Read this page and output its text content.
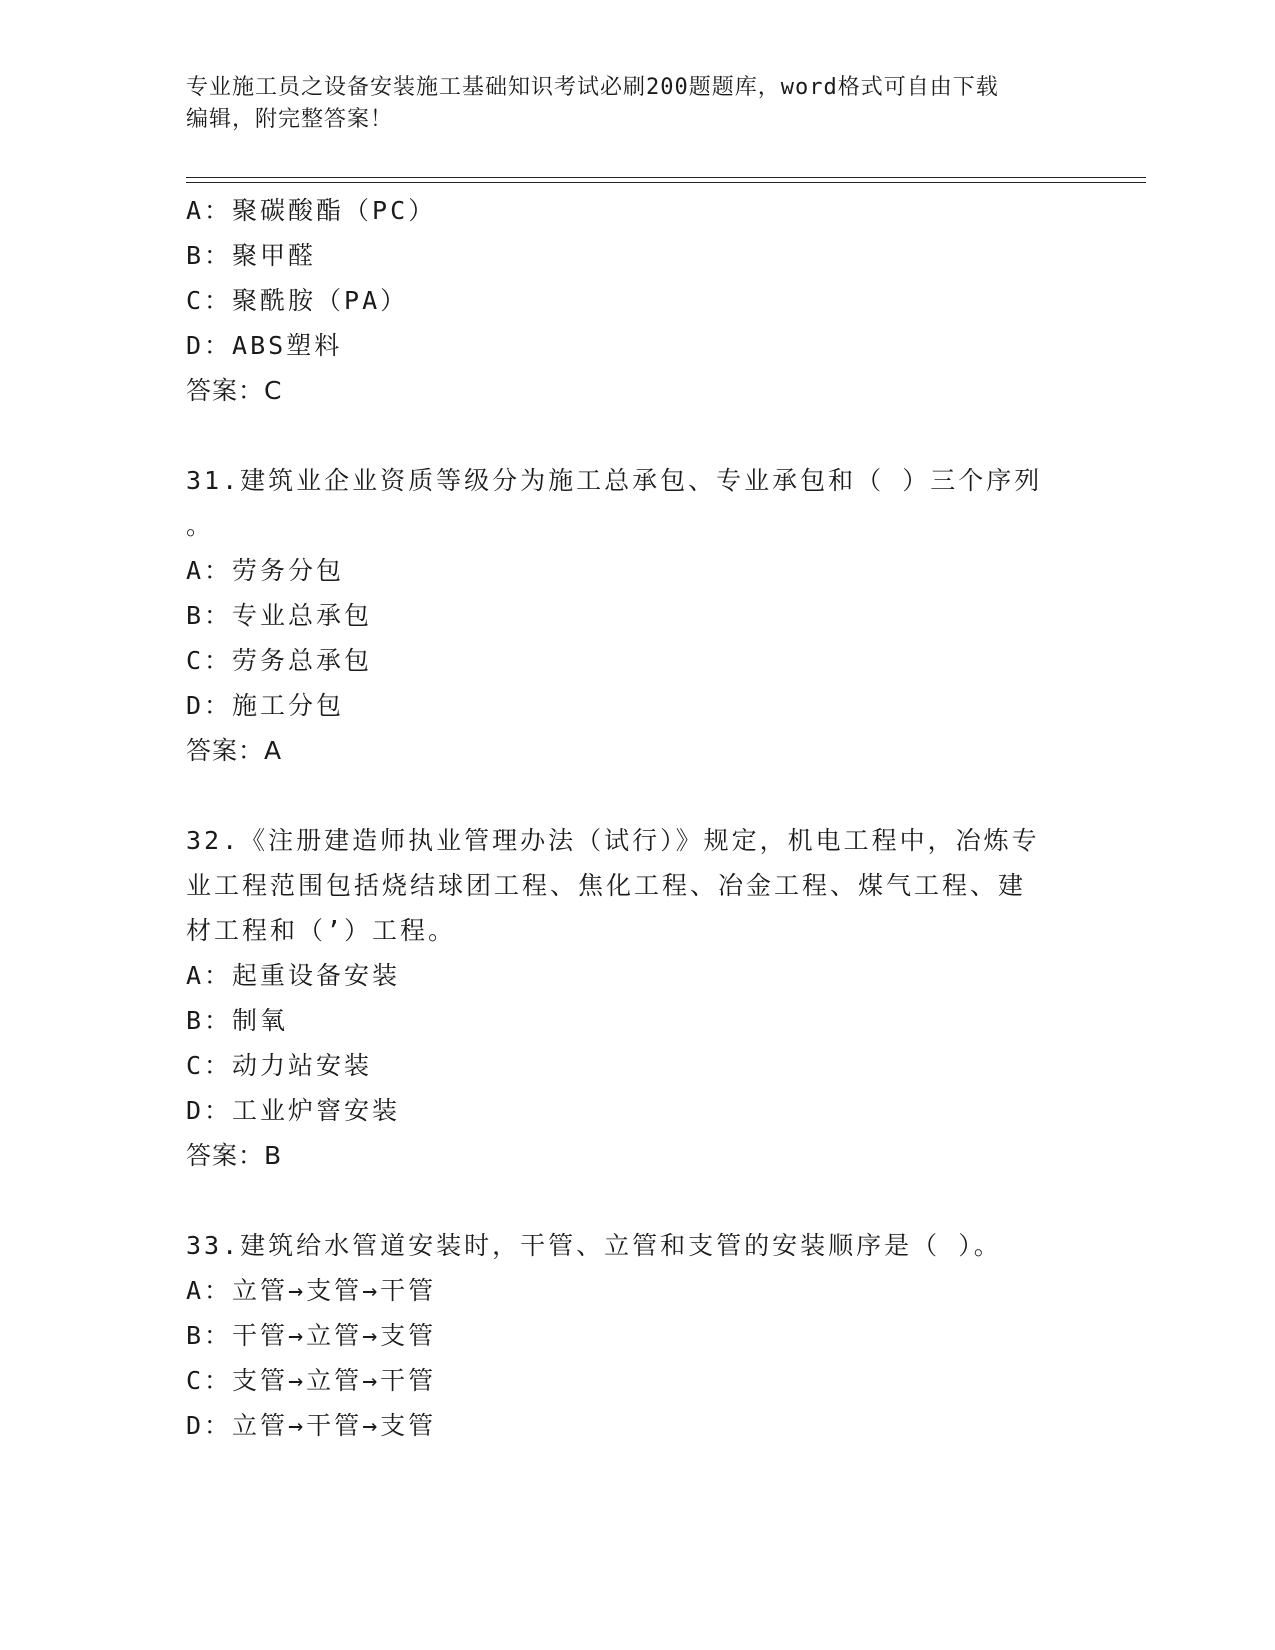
专业施工员之设备安装施工基础知识考试必刷200题题库，word格式可自由下载
编辑，附完整答案！
A：聚碳酸酯（PC）
B：聚甲醛
C：聚酰胺（PA）
D：ABS塑料
答案：C
31.建筑业企业资质等级分为施工总承包、专业承包和（ ）三个序列
。
A：劳务分包
B：专业总承包
C：劳务总承包
D：施工分包
答案：A
32.《注册建造师执业管理办法（试行）》规定，机电工程中，冶炼专
业工程范围包括烧结球团工程、焦化工程、冶金工程、煤气工程、建
材工程和（’）工程。
A：起重设备安装
B：制氧
C：动力站安装
D：工业炉窨安装
答案：B
33.建筑给水管道安装时，干管、立管和支管的安装顺序是（ ）。
A：立管→支管→干管
B：干管→立管→支管
C：支管→立管→干管
D：立管→干管→支管
